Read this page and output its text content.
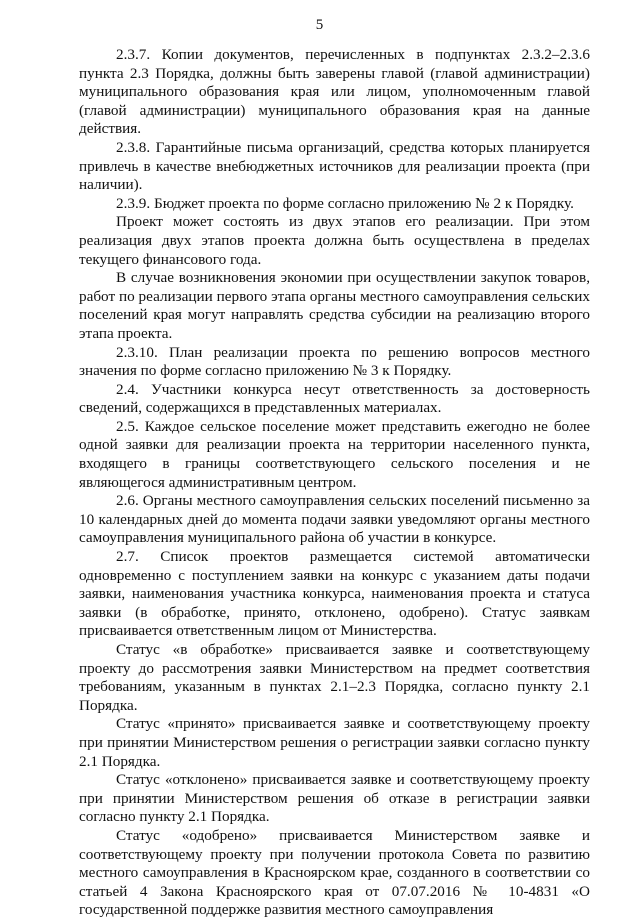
5

2.3.7. Копии документов, перечисленных в подпунктах 2.3.2–2.3.6 пункта 2.3 Порядка, должны быть заверены главой (главой администрации) муниципального образования края или лицом, уполномоченным главой (главой администрации) муниципального образования края на данные действия.

2.3.8. Гарантийные письма организаций, средства которых планируется привлечь в качестве внебюджетных источников для реализации проекта (при наличии).

2.3.9. Бюджет проекта по форме согласно приложению № 2 к Порядку.

Проект может состоять из двух этапов его реализации. При этом реализация двух этапов проекта должна быть осуществлена в пределах текущего финансового года.

В случае возникновения экономии при осуществлении закупок товаров, работ по реализации первого этапа органы местного самоуправления сельских поселений края могут направлять средства субсидии на реализацию второго этапа проекта.

2.3.10. План реализации проекта по решению вопросов местного значения по форме согласно приложению № 3 к Порядку.

2.4. Участники конкурса несут ответственность за достоверность сведений, содержащихся в представленных материалах.

2.5. Каждое сельское поселение может представить ежегодно не более одной заявки для реализации проекта на территории населенного пункта, входящего в границы соответствующего сельского поселения и не являющегося административным центром.

2.6. Органы местного самоуправления сельских поселений письменно за 10 календарных дней до момента подачи заявки уведомляют органы местного самоуправления муниципального района об участии в конкурсе.

2.7. Список проектов размещается системой автоматически одновременно с поступлением заявки на конкурс с указанием даты подачи заявки, наименования участника конкурса, наименования проекта и статуса заявки (в обработке, принято, отклонено, одобрено). Статус заявкам присваивается ответственным лицом от Министерства.

Статус «в обработке» присваивается заявке и соответствующему проекту до рассмотрения заявки Министерством на предмет соответствия требованиям, указанным в пунктах 2.1–2.3 Порядка, согласно пункту 2.1 Порядка.

Статус «принято» присваивается заявке и соответствующему проекту при принятии Министерством решения о регистрации заявки согласно пункту 2.1 Порядка.

Статус «отклонено» присваивается заявке и соответствующему проекту при принятии Министерством решения об отказе в регистрации заявки согласно пункту 2.1 Порядка.

Статус «одобрено» присваивается Министерством заявке и соответствующему проекту при получении протокола Совета по развитию местного самоуправления в Красноярском крае, созданного в соответствии со статьей 4 Закона Красноярского края от 07.07.2016 № 10-4831 «О государственной поддержке развития местного самоуправления
